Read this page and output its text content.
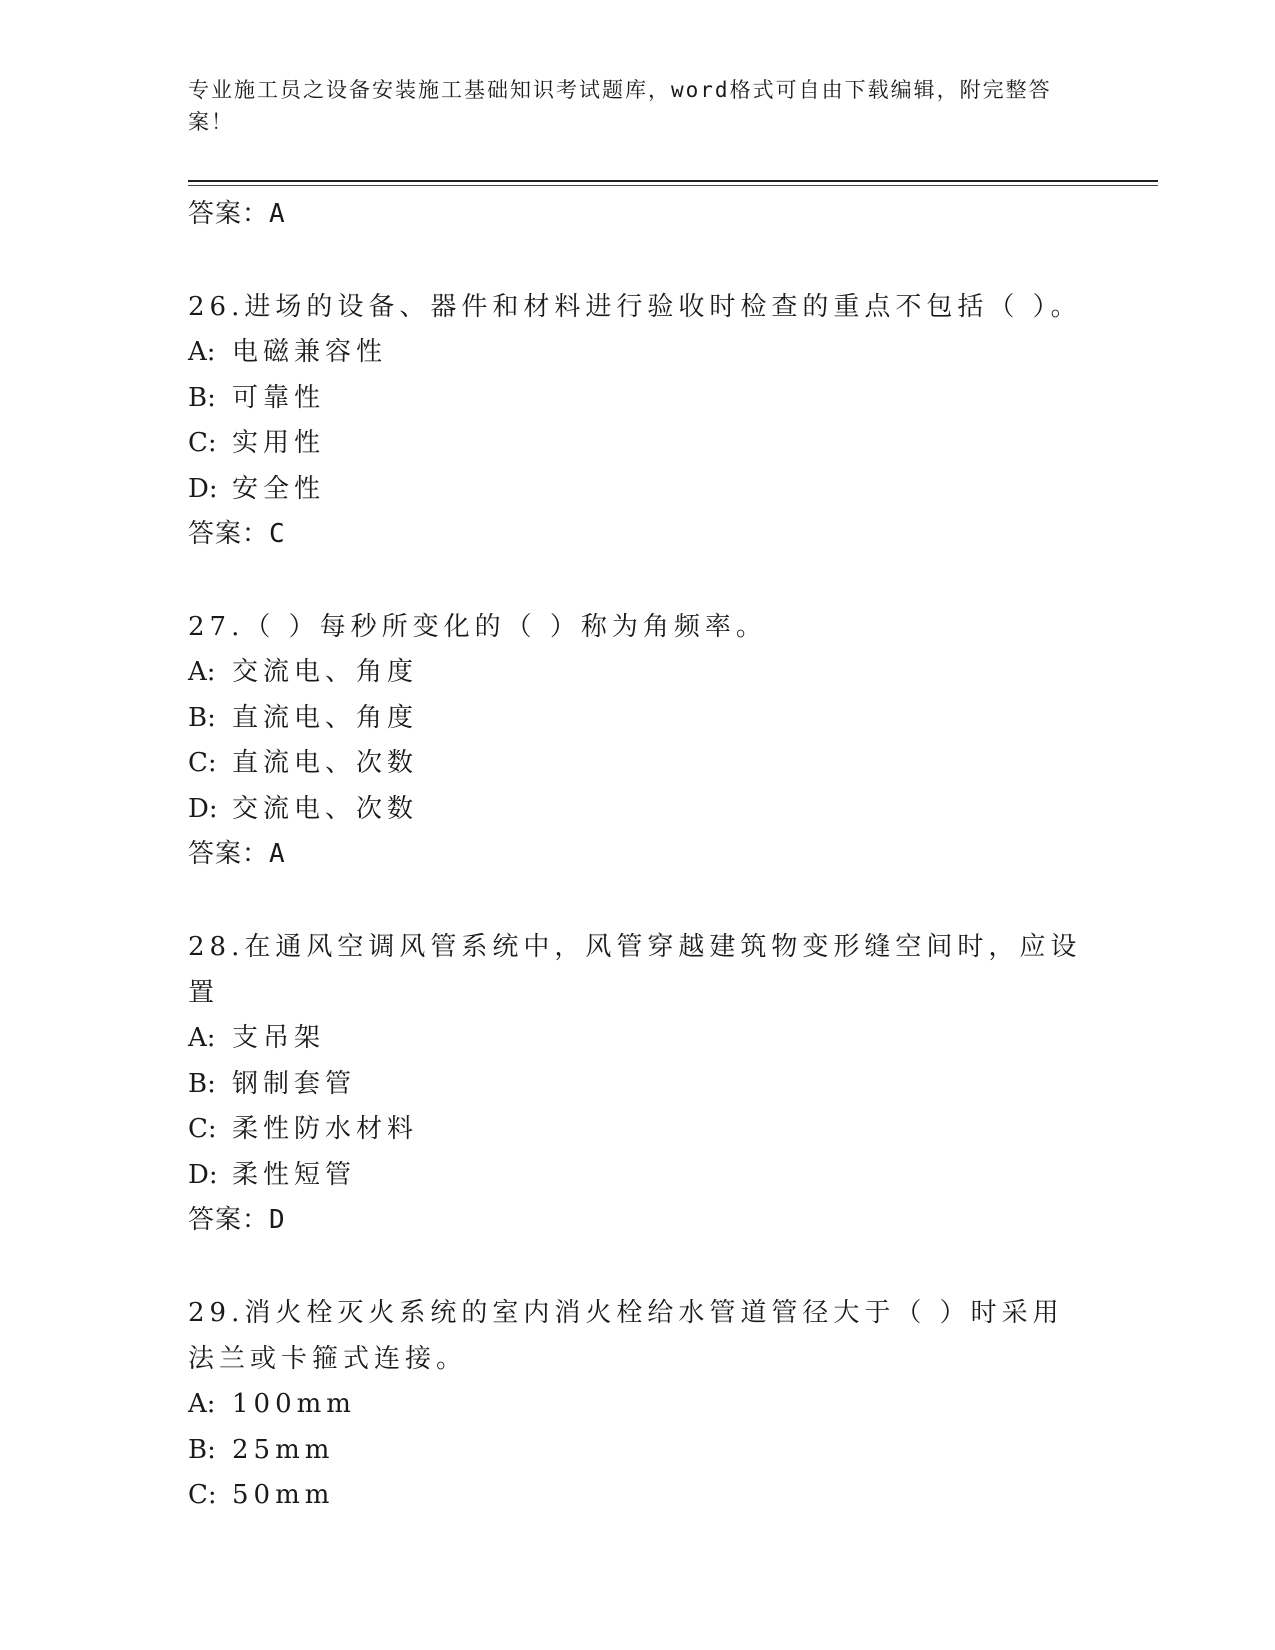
专业施工员之设备安装施工基础知识考试题库，word格式可自由下载编辑，附完整答案！

答案：A

26.进场的设备、器件和材料进行验收时检查的重点不包括（ ）。

A: 电磁兼容性

B: 可靠性

C: 实用性

D: 安全性

答案：C

27.（ ）每秒所变化的（ ）称为角频率。

A: 交流电、角度

B: 直流电、角度

C: 直流电、次数

D: 交流电、次数

答案：A

28.在通风空调风管系统中，风管穿越建筑物变形缝空间时，应设置

A: 支吊架

B: 钢制套管

C: 柔性防水材料

D: 柔性短管

答案：D

29.消火栓灭火系统的室内消火栓给水管道管径大于（ ）时采用法兰或卡箍式连接。

A: 100mm

B: 25mm

C: 50mm
